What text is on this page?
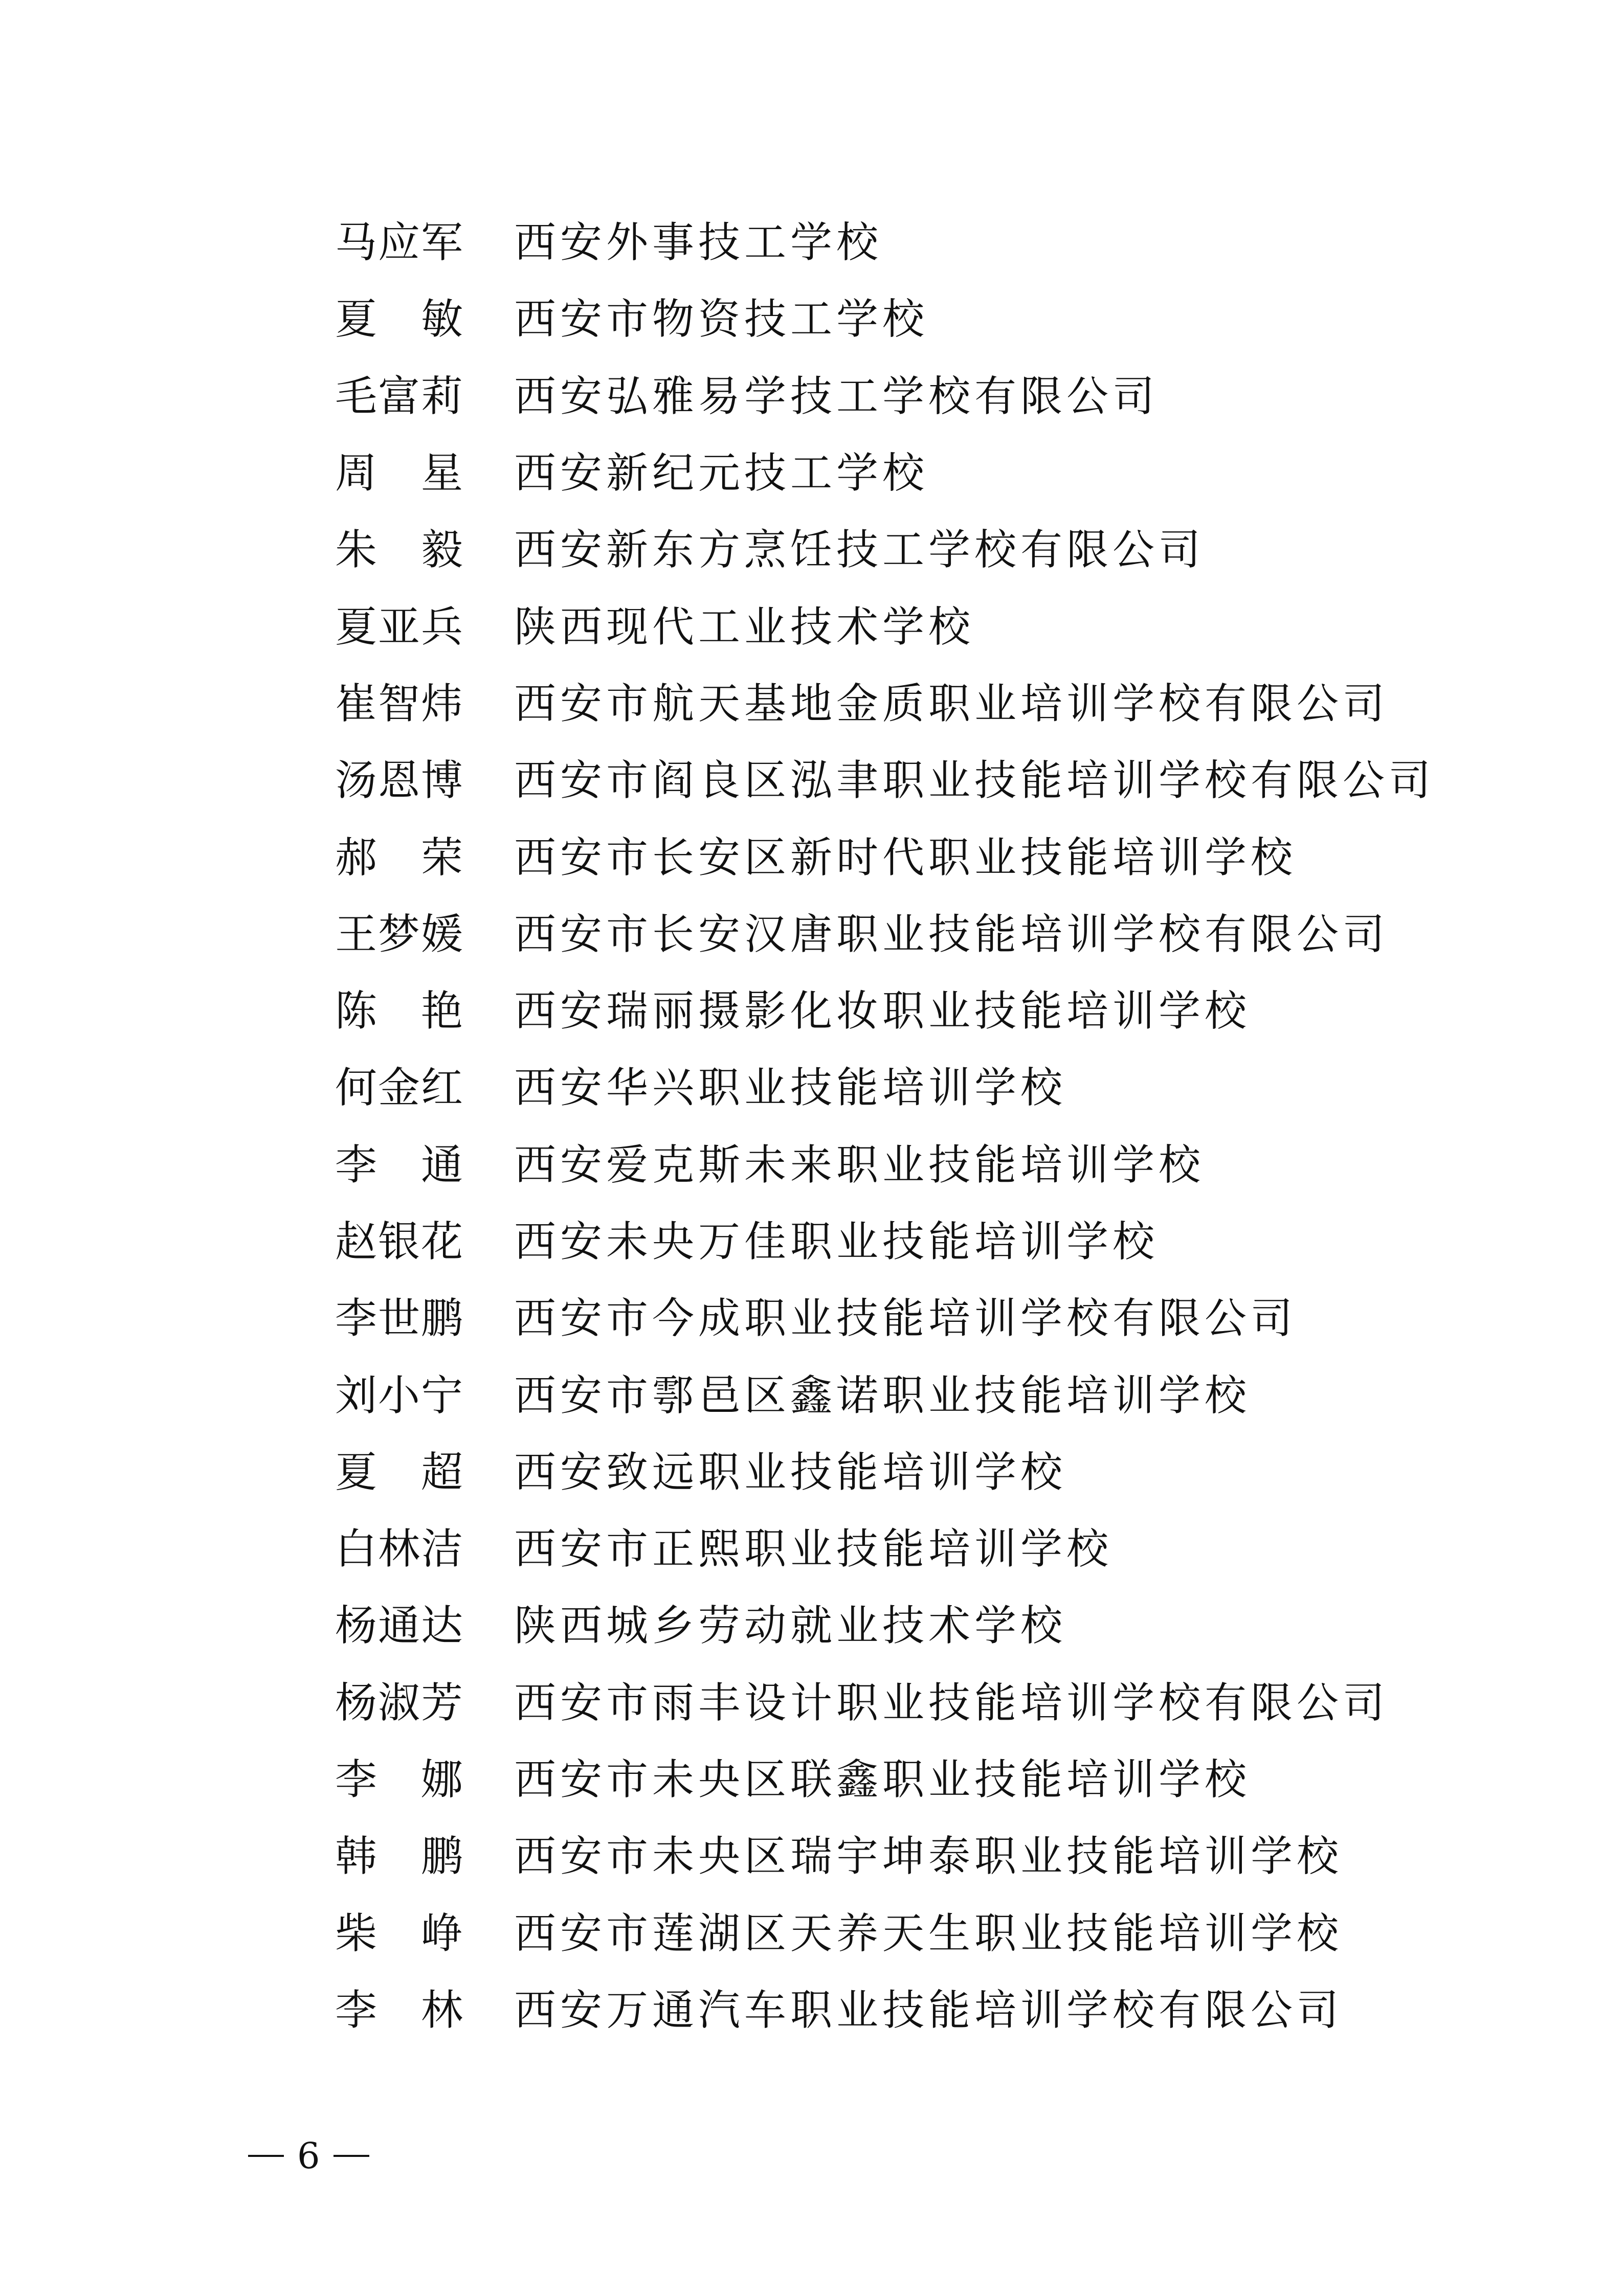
马 应 军 西安外事技工学校
夏
　 敏 西安市物资技工学校
毛 富 莉 西安弘雅易学技工学校有限公司
周
　 星 西安新纪元技工学校
朱
　 毅 西安新东方烹饪技工学校有限公司
夏 亚 兵 陕西现代工业技术学校
崔 智 炜 西安市航天基地金质职业培训学校有限公司
汤 恩 博 西安市阎良区泓聿职业技能培训学校有限公司
郝
　 荣 西安市长安区新时代职业技能培训学校
王 梦 媛 西安市长安汉唐职业技能培训学校有限公司
陈
　 艳 西安瑞丽摄影化妆职业技能培训学校
何 金 红 西安华兴职业技能培训学校
李
　 通 西安爱克斯未来职业技能培训学校
赵 银 花 西安未央万佳职业技能培训学校
李 世 鹏 西安市今成职业技能培训学校有限公司
刘 小 宁 西安市鄠邑区鑫诺职业技能培训学校
夏
　 超 西安致远职业技能培训学校
白 林 洁 西安市正熙职业技能培训学校
杨 通 达 陕西城乡劳动就业技术学校
杨 淑 芳 西安市雨丰设计职业技能培训学校有限公司
李
　 娜 西安市未央区联鑫职业技能培训学校
韩
　 鹏 西安市未央区瑞宇坤泰职业技能培训学校
柴
　 峥 西安市莲湖区天养天生职业技能培训学校
李
　 林 西安万通汽车职业技能培训学校有限公司
6
